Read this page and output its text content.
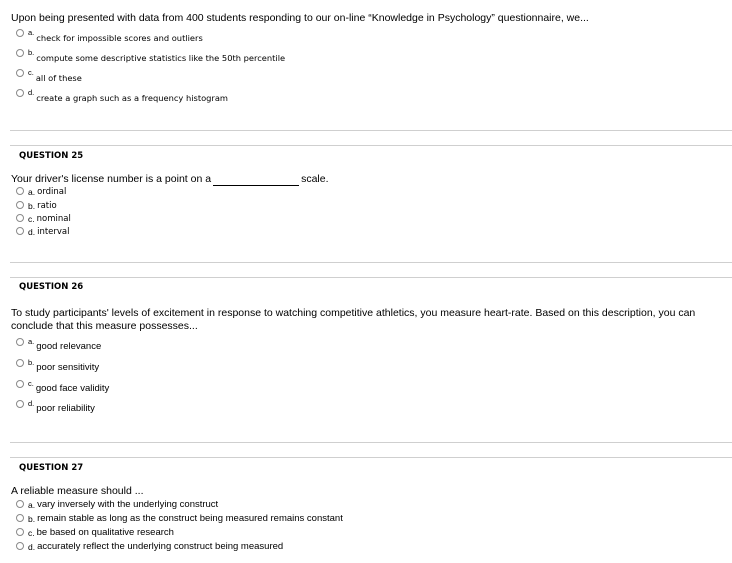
Upon being presented with data from 400 students responding to our on-line “Knowledge in Psychology” questionnaire, we...
a.
check for impossible scores and outliers
b.
compute some descriptive statistics like the 50th percentile
c.
all of these
d.
create a graph such as a frequency histogram
QUESTION 25
Your driver's license number is a point on a	scale.
a. ordinal
b. ratio
c. nominal
d. interval
QUESTION 26
To study participants' levels of excitement in response to watching competitive athletics, you measure heart-rate. Based on this description, you can
conclude that this measure possesses...
a. good relevance
b. poor sensitivity
c. good face validity
d. poor reliability
QUESTION 27
A reliable measure should ...
a. vary inversely with the underlying construct
b. remain stable as long as the construct being measured remains constant
c. be based on qualitative research
d. accurately reflect the underlying construct being measured
